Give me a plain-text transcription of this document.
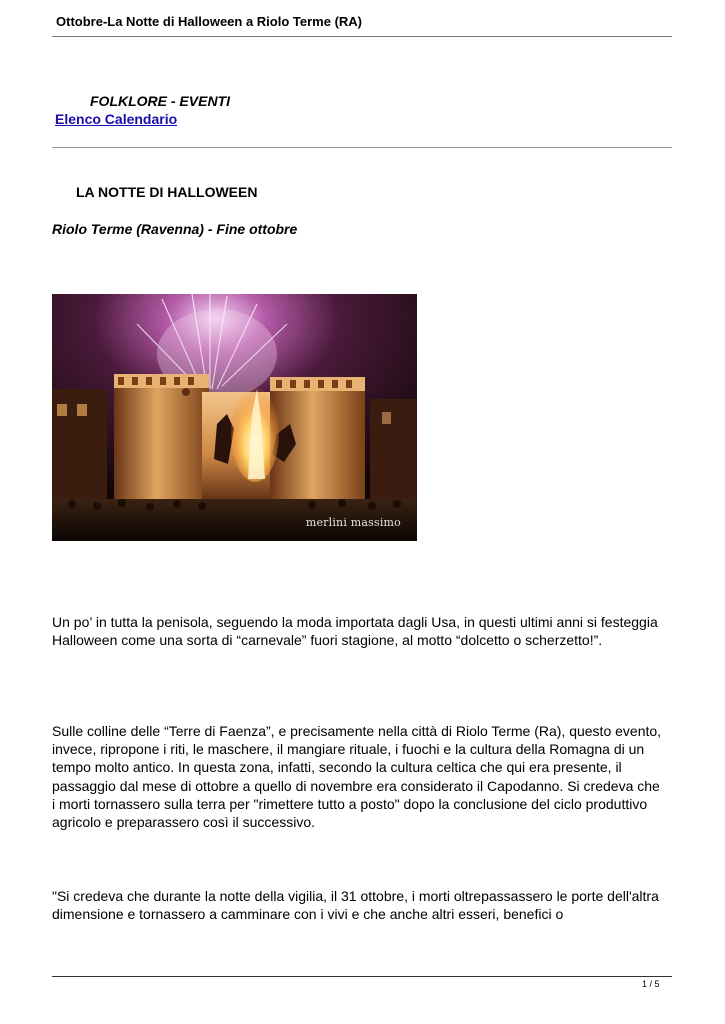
Ottobre-La Notte di Halloween a Riolo Terme (RA)
FOLKLORE - EVENTI
Elenco Calendario
LA NOTTE DI HALLOWEEN
Riolo Terme (Ravenna) - Fine ottobre
merlini massimo

Un po’ in tutta la penisola, seguendo la moda importata dagli Usa, in questi ultimi anni si festeggia Halloween come una sorta di “carnevale” fuori stagione, al motto “dolcetto o scherzetto!”.

Sulle colline delle “Terre di Faenza”, e precisamente nella città di Riolo Terme (Ra), questo evento, invece, ripropone i riti, le maschere, il mangiare rituale, i fuochi e la cultura della Romagna di un tempo molto antico. In questa zona, infatti, secondo la cultura celtica che qui era presente, il passaggio dal mese di ottobre a quello di novembre era considerato il Capodanno. Si credeva che i morti tornassero sulla terra per "rimettere tutto a posto" dopo la conclusione del ciclo produttivo agricolo e preparassero così il successivo.

"Si credeva che durante la notte della vigilia, il 31 ottobre, i morti oltrepassassero le porte dell'altra dimensione e tornassero a camminare con i vivi e che anche altri esseri, benefici o

1 / 5
